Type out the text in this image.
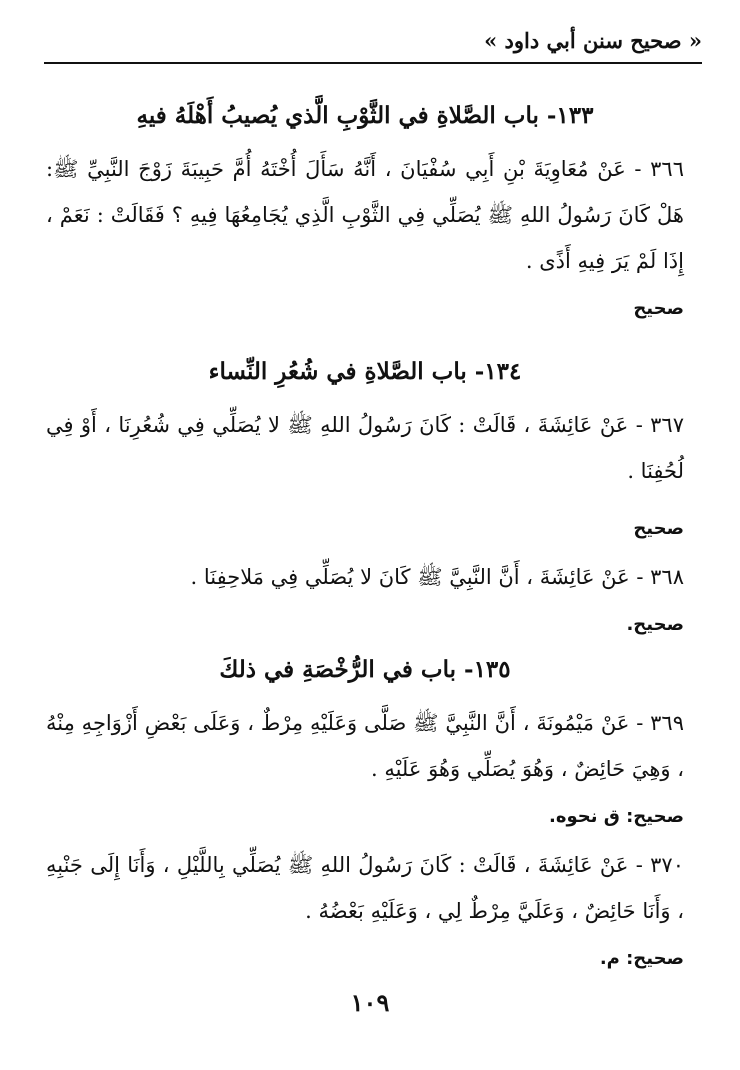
« صحيح سنن أبي داود »
١٣٣- باب الصَّلاةِ في الثَّوْبِ الَّذي يُصيبُ أَهْلَهُ فيهِ

٣٦٦ - عَنْ مُعَاوِيَةَ بْنِ أَبِي سُفْيَانَ ، أَنَّهُ سَأَلَ أُخْتَهُ أُمَّ حَبِيبَةَ زَوْجَ النَّبِيِّ ﷺ: هَلْ كَانَ رَسُولُ اللهِ ﷺ يُصَلِّي فِي الثَّوْبِ الَّذِي يُجَامِعُهَا فِيهِ ؟ فَقَالَتْ : نَعَمْ ، إِذَا لَمْ يَرَ فِيهِ أَذًى .

صحيح

١٣٤- باب الصَّلاةِ في شُعُرِ النِّساء

٣٦٧ - عَنْ عَائِشَةَ ، قَالَتْ : كَانَ رَسُولُ اللهِ ﷺ لا يُصَلِّي فِي شُعُرِنَا ، أَوْ فِي لُحُفِنَا .

صحيح

٣٦٨ - عَنْ عَائِشَةَ ، أَنَّ النَّبِيَّ ﷺ كَانَ لا يُصَلِّي فِي مَلاحِفِنَا .

صحيح.

١٣٥- باب في الرُّخْصَةِ في ذلكَ

٣٦٩ - عَنْ مَيْمُونَةَ ، أَنَّ النَّبِيَّ ﷺ صَلَّى وَعَلَيْهِ مِرْطٌ ، وَعَلَى بَعْضِ أَزْوَاجِهِ مِنْهُ ، وَهِيَ حَائِضٌ ، وَهُوَ يُصَلِّي وَهُوَ عَلَيْهِ .

صحيح: ق نحوه.

٣٧٠ - عَنْ عَائِشَةَ ، قَالَتْ : كَانَ رَسُولُ اللهِ ﷺ يُصَلِّي بِاللَّيْلِ ، وَأَنَا إِلَى جَنْبِهِ ، وَأَنَا حَائِضٌ ، وَعَلَيَّ مِرْطٌ لِي ، وَعَلَيْهِ بَعْضُهُ .

صحيح: م.

١٠٩
